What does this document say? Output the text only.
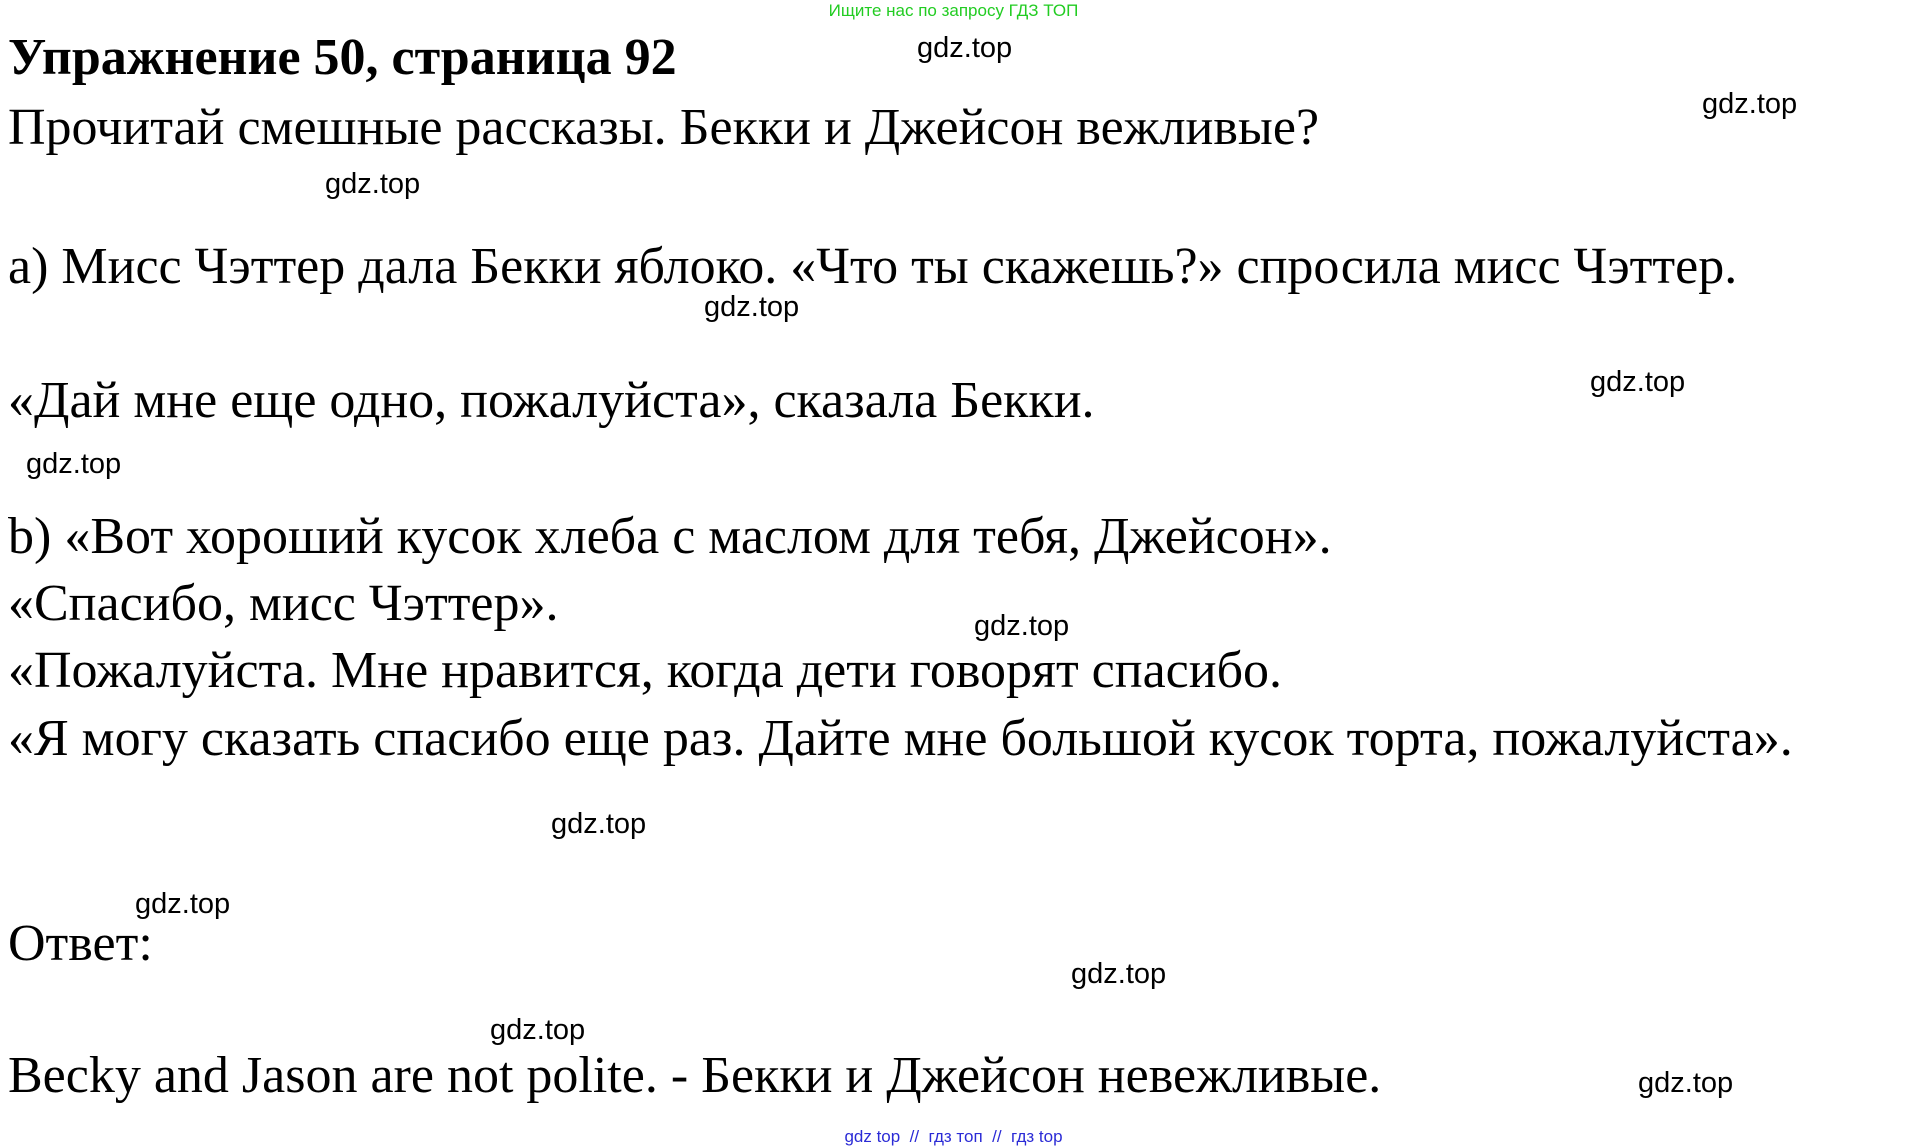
Ищите нас по запросу ГДЗ ТОП
Упражнение 50, страница 92
Прочитай смешные рассказы. Бекки и Джейсон вежливые?
а) Мисс Чэттер дала Бекки яблоко. «Что ты скажешь?» спросила мисс Чэттер.
«Дай мне еще одно, пожалуйста», сказала Бекки.
b) «Вот хороший кусок хлеба с маслом для тебя, Джейсон».
«Спасибо, мисс Чэттер».
«Пожалуйста. Мне нравится, когда дети говорят спасибо.
«Я могу сказать спасибо еще раз. Дайте мне большой кусок торта, пожалуйста».
Ответ:
Becky and Jason are not polite. - Бекки и Джейсон невежливые.
gdz.top
gdz.top
gdz.top
gdz.top
gdz.top
gdz.top
gdz.top
gdz.top
gdz.top
gdz.top
gdz.top
gdz.top
gdz top  //  гдз топ  //  гдз top
